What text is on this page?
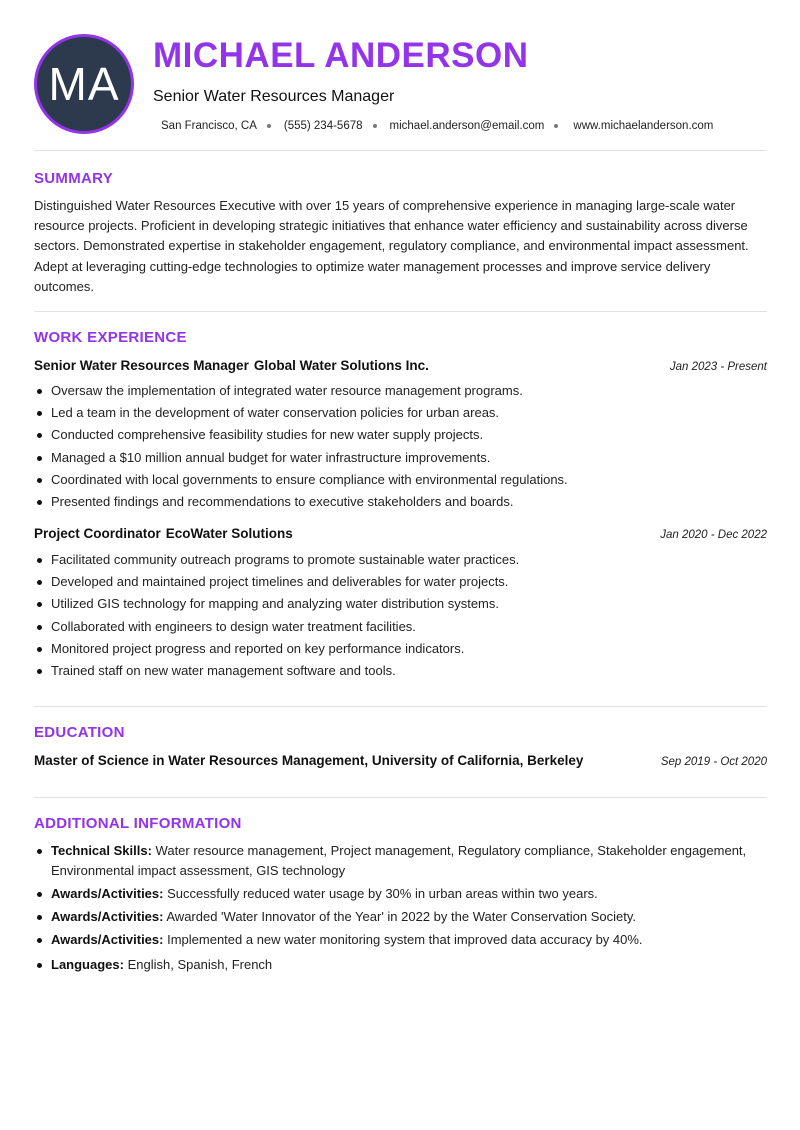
MA
MICHAEL ANDERSON
Senior Water Resources Manager
San Francisco, CA (555) 234-5678 michael.anderson@email.com	www.michaelanderson.com
SUMMARY

Distinguished Water Resources Executive with over 15 years of comprehensive experience in managing large-scale water resource projects. Proficient in developing strategic initiatives that enhance water efficiency and sustainability across diverse sectors. Demonstrated expertise in stakeholder engagement, regulatory compliance, and environmental impact assessment. Adept at leveraging cutting-edge technologies to optimize water management processes and improve service delivery outcomes.

WORK EXPERIENCE
Senior Water Resources Manager Global Water Solutions Inc.	Jan 2023 - Present
Oversaw the implementation of integrated water resource management programs.
Led a team in the development of water conservation policies for urban areas.
Conducted comprehensive feasibility studies for new water supply projects.
Managed a $10 million annual budget for water infrastructure improvements.
Coordinated with local governments to ensure compliance with environmental regulations.
Presented findings and recommendations to executive stakeholders and boards.
Project Coordinator EcoWater Solutions	Jan 2020 - Dec 2022
Facilitated community outreach programs to promote sustainable water practices.
Developed and maintained project timelines and deliverables for water projects.
Utilized GIS technology for mapping and analyzing water distribution systems.
Collaborated with engineers to design water treatment facilities.
Monitored project progress and reported on key performance indicators.
Trained staff on new water management software and tools.
EDUCATION
Master of Science in Water Resources Management, University of California, Berkeley	Sep 2019 - Oct 2020
ADDITIONAL INFORMATION
Technical Skills: Water resource management, Project management, Regulatory compliance, Stakeholder engagement, Environmental impact assessment, GIS technology
Awards/Activities: Successfully reduced water usage by 30% in urban areas within two years.
Awards/Activities: Awarded 'Water Innovator of the Year' in 2022 by the Water Conservation Society.
Awards/Activities: Implemented a new water monitoring system that improved data accuracy by 40%.
Languages: English , Spanish , French
